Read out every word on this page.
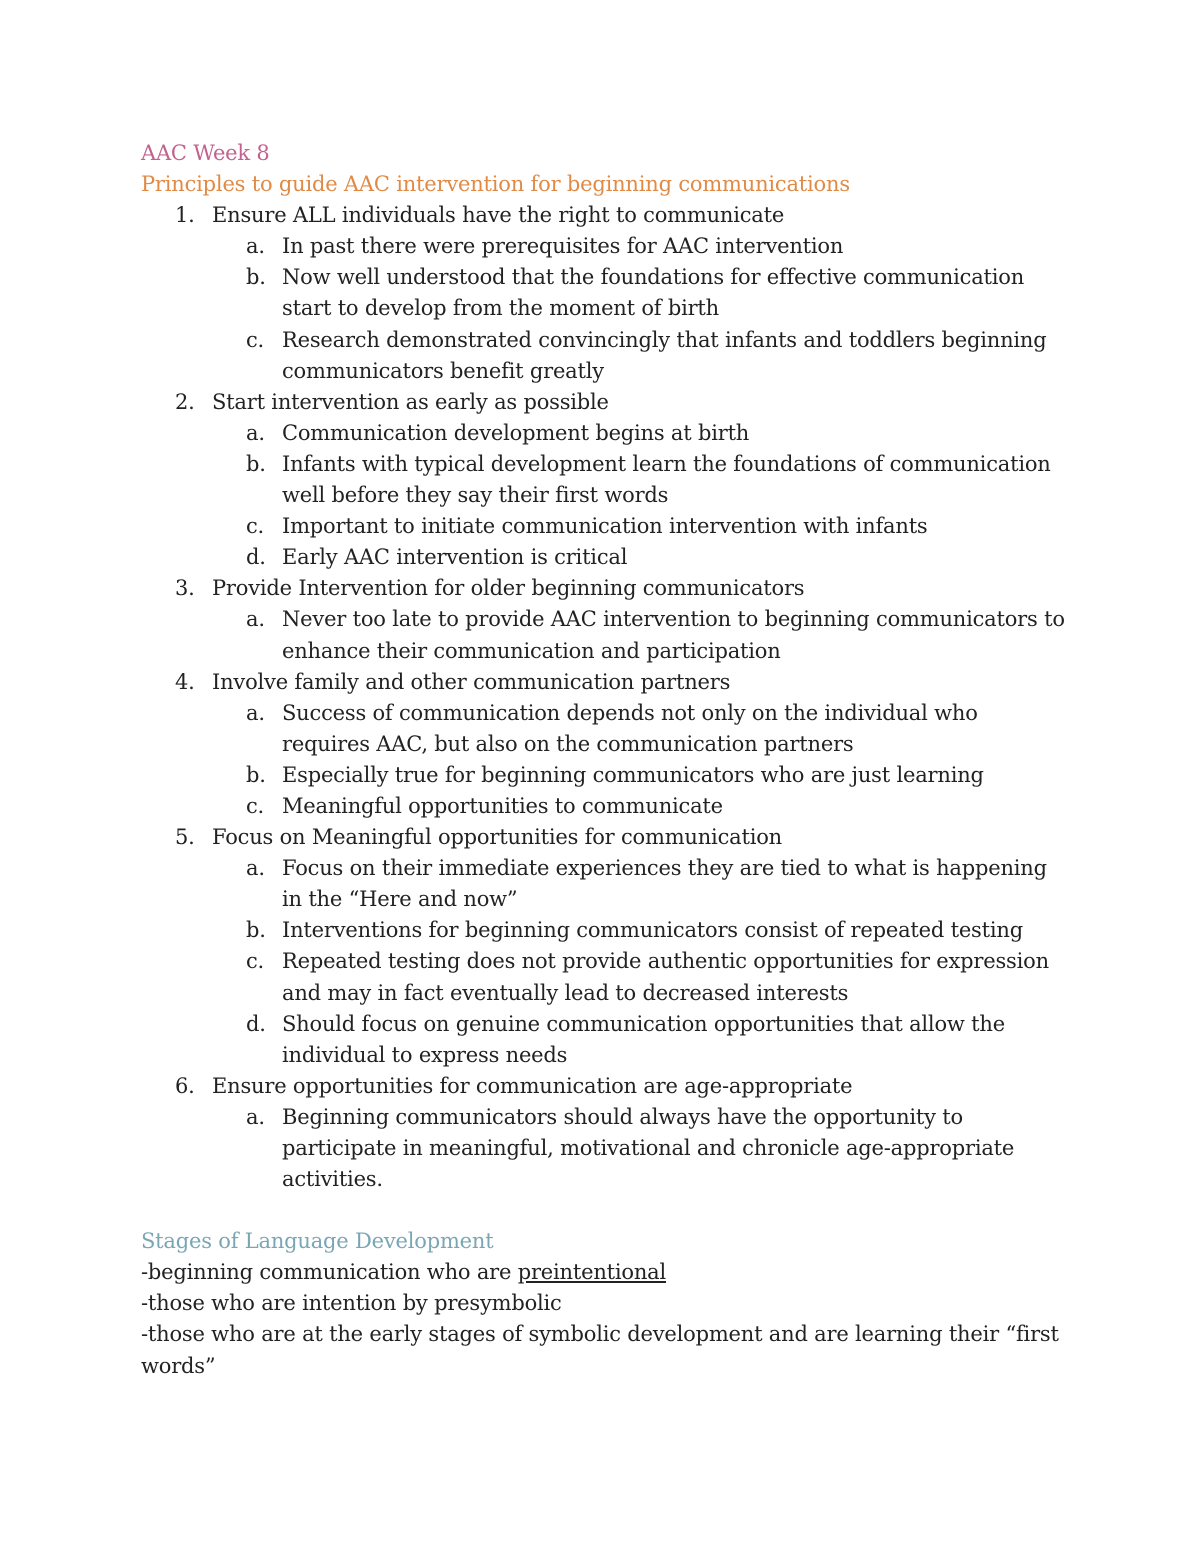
AAC Week 8
Principles to guide AAC intervention for beginning communications
1. Ensure ALL individuals have the right to communicate
a. In past there were prerequisites for AAC intervention
b. Now well understood that the foundations for effective communication start to develop from the moment of birth
c. Research demonstrated convincingly that infants and toddlers beginning communicators benefit greatly
2. Start intervention as early as possible
a. Communication development begins at birth
b. Infants with typical development learn the foundations of communication well before they say their first words
c. Important to initiate communication intervention with infants
d. Early AAC intervention is critical
3. Provide Intervention for older beginning communicators
a. Never too late to provide AAC intervention to beginning communicators to enhance their communication and participation
4. Involve family and other communication partners
a. Success of communication depends not only on the individual who requires AAC, but also on the communication partners
b. Especially true for beginning communicators who are just learning
c. Meaningful opportunities to communicate
5. Focus on Meaningful opportunities for communication
a. Focus on their immediate experiences they are tied to what is happening in the “Here and now”
b. Interventions for beginning communicators consist of repeated testing
c. Repeated testing does not provide authentic opportunities for expression and may in fact eventually lead to decreased interests
d. Should focus on genuine communication opportunities that allow the individual to express needs
6. Ensure opportunities for communication are age-appropriate
a. Beginning communicators should always have the opportunity to participate in meaningful, motivational and chronicle age-appropriate activities.
Stages of Language Development

-beginning communication who are preintentional

-those who are intention by presymbolic

-those who are at the early stages of symbolic development and are learning their “first words”
